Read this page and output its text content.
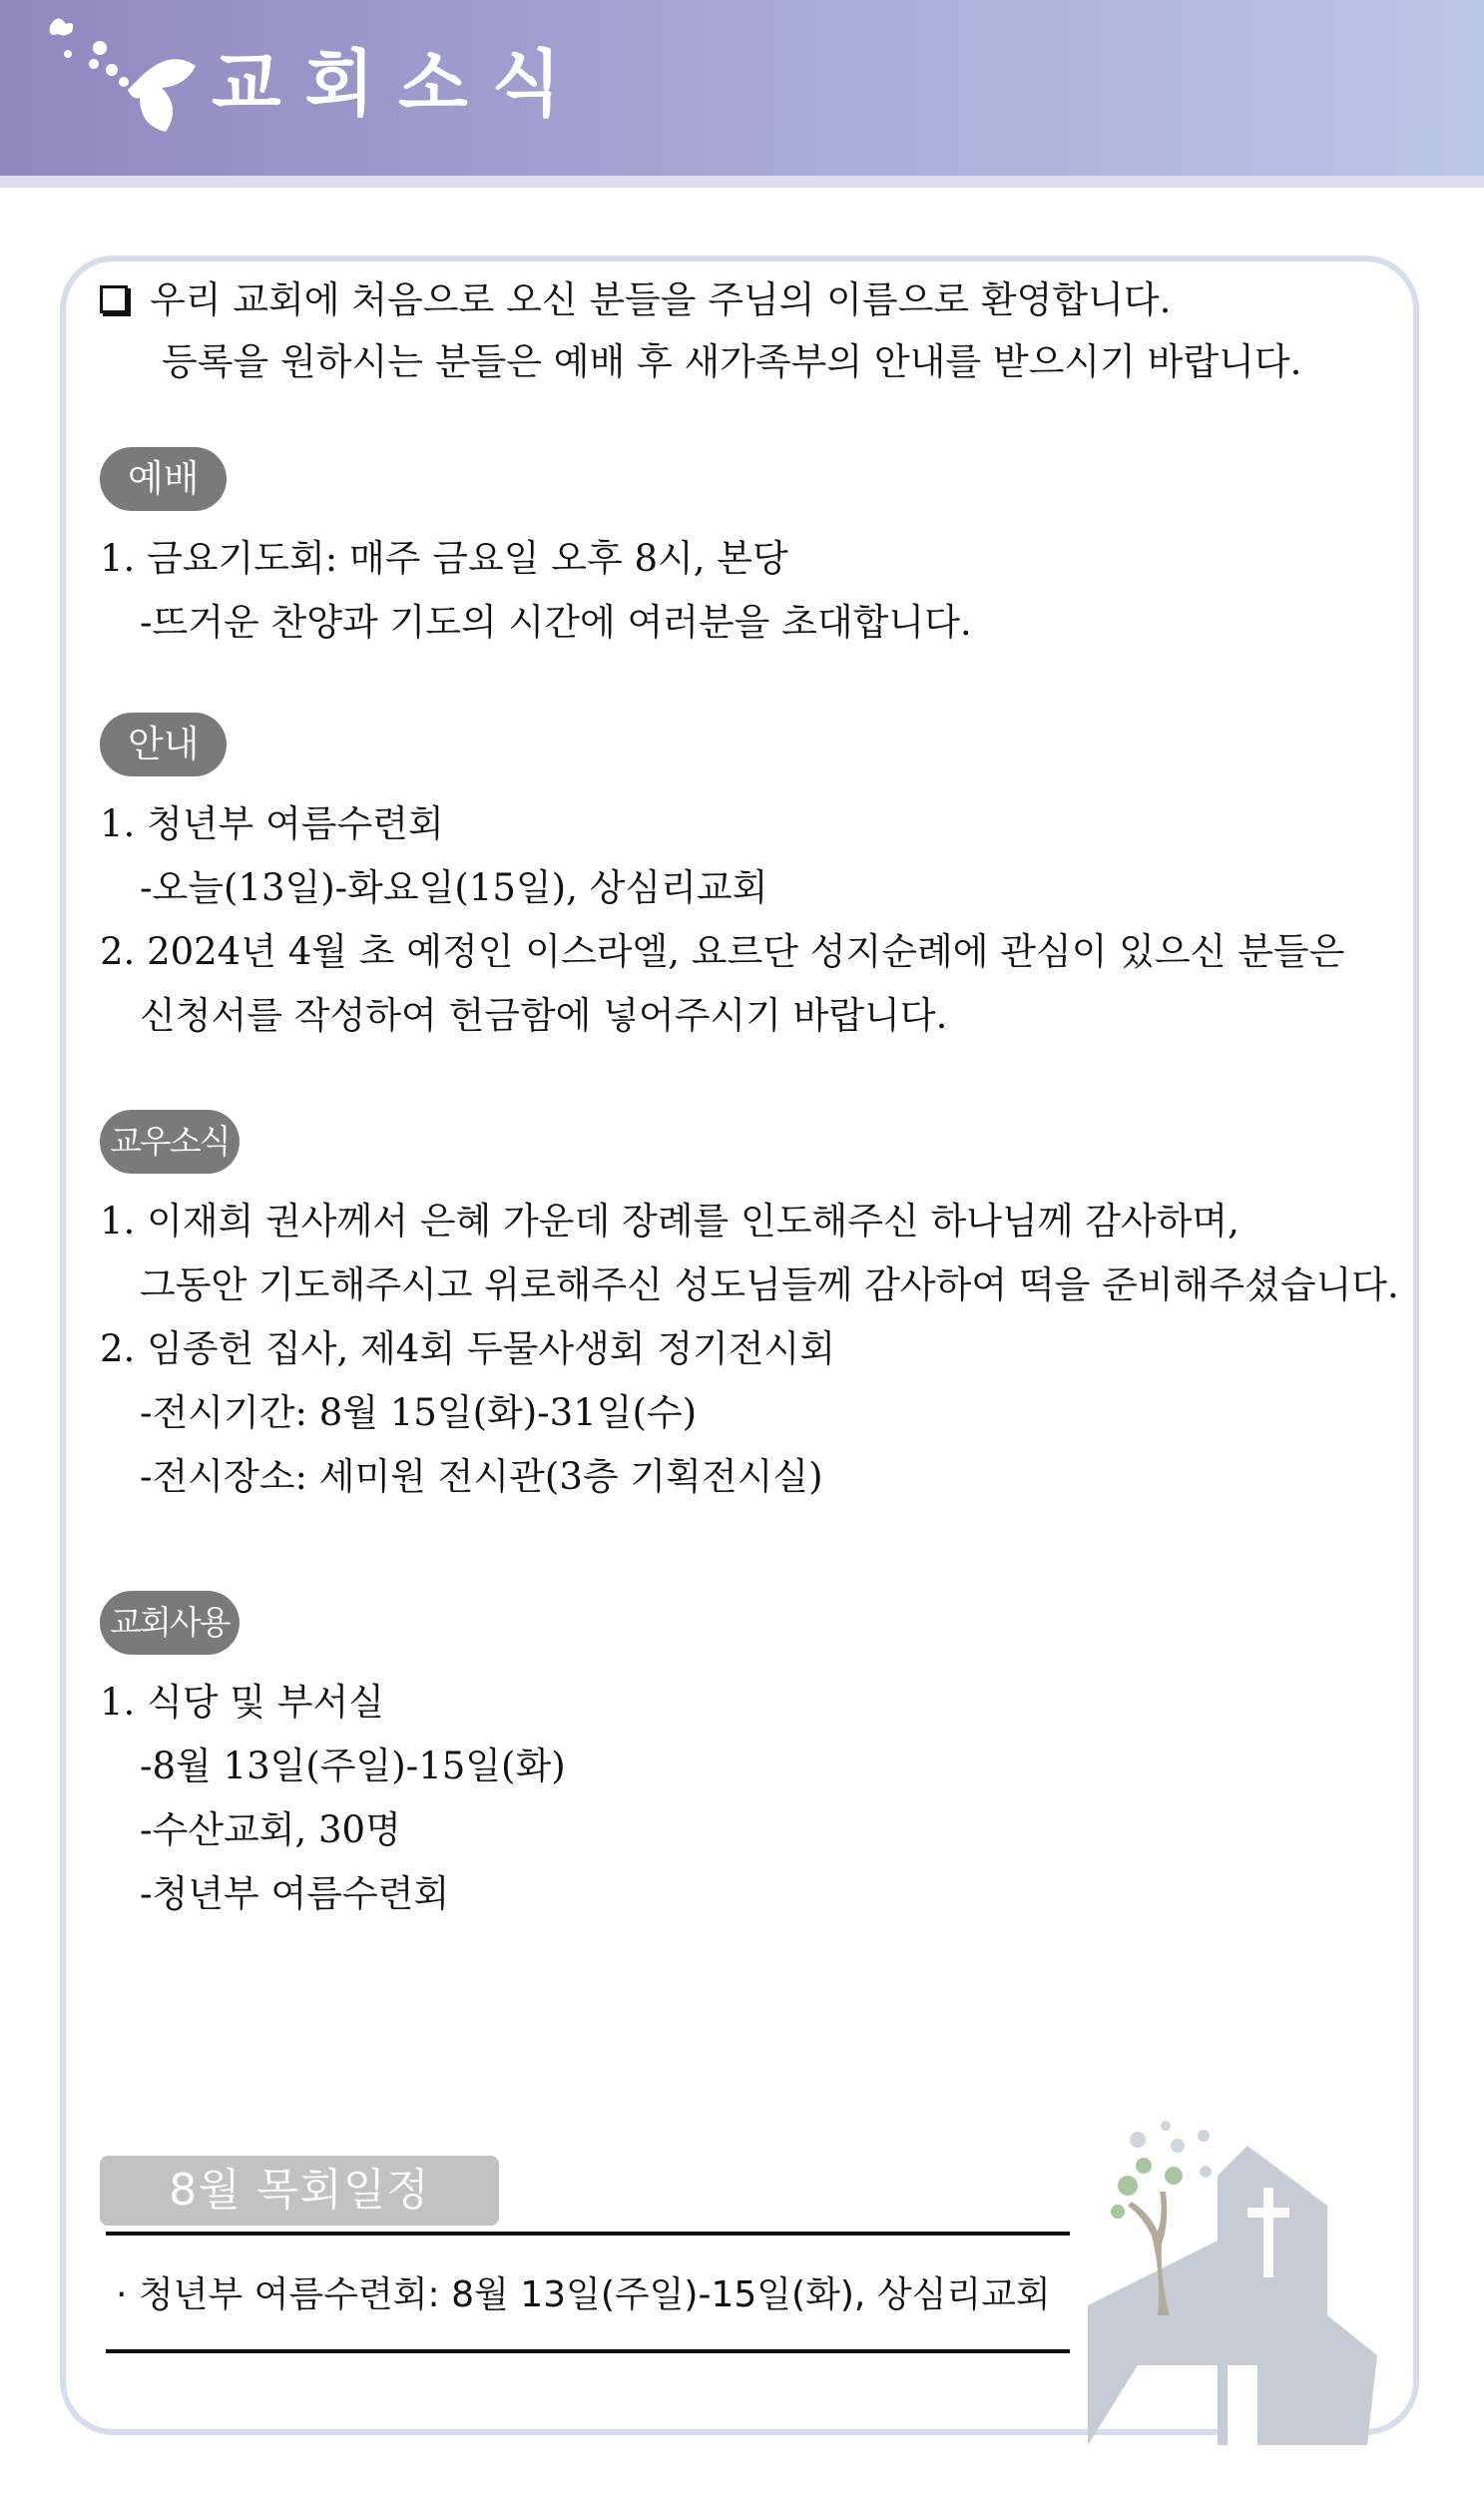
교회소식
우리 교회에 처음으로 오신 분들을 주님의 이름으로 환영합니다.
등록을 원하시는 분들은 예배 후 새가족부의 안내를 받으시기 바랍니다.
예배
1. 금요기도회: 매주 금요일 오후 8시, 본당
-뜨거운 찬양과 기도의 시간에 여러분을 초대합니다.
안내
1. 청년부 여름수련회
-오늘(13일)-화요일(15일), 상심리교회
2. 2024년 4월 초 예정인 이스라엘, 요르단 성지순례에 관심이 있으신 분들은
신청서를 작성하여 헌금함에 넣어주시기 바랍니다.
교우소식
1. 이재희 권사께서 은혜 가운데 장례를 인도해주신 하나님께 감사하며,
그동안 기도해주시고 위로해주신 성도님들께 감사하여 떡을 준비해주셨습니다.
2. 임종헌 집사, 제4회 두물사생회 정기전시회
-전시기간: 8월 15일(화)-31일(수)
-전시장소: 세미원 전시관(3층 기획전시실)
교회사용
1. 식당 및 부서실
-8월 13일(주일)-15일(화)
-수산교회, 30명
-청년부 여름수련회
8월 목회일정
· 청년부 여름수련회: 8월 13일(주일)-15일(화), 상심리교회
